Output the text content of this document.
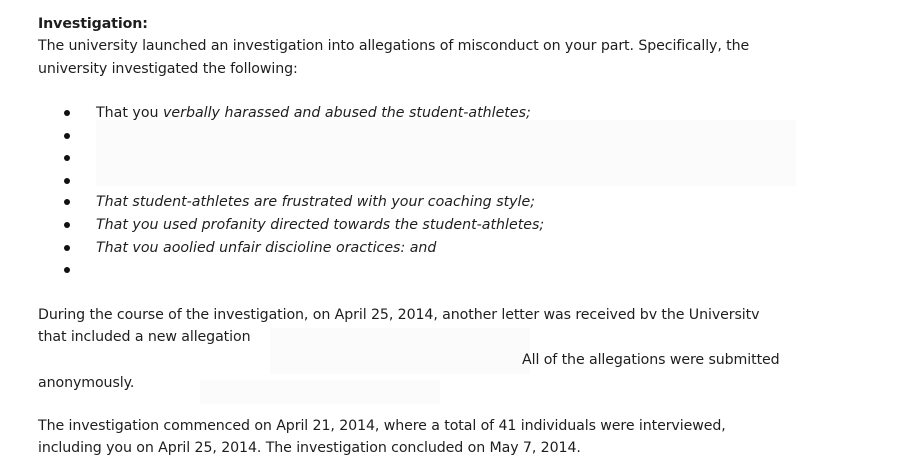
Investigation:
The university launched an investigation into allegations of misconduct on your part. Specifically, the
university investigated the following:
That you verbally harassed and abused the student-athletes;
That student-athletes are frustrated with your coaching style;
That you used profanity directed towards the student-athletes;
That vou aoolied unfair discioline oractices: and
During the course of the investigation, on April 25, 2014, another letter was received bv the Universitv
that included a new allegation
All of the allegations were submitted
anonymously.
The investigation commenced on April 21, 2014, where a total of 41 individuals were interviewed,
including you on April 25, 2014. The investigation concluded on May 7, 2014.
